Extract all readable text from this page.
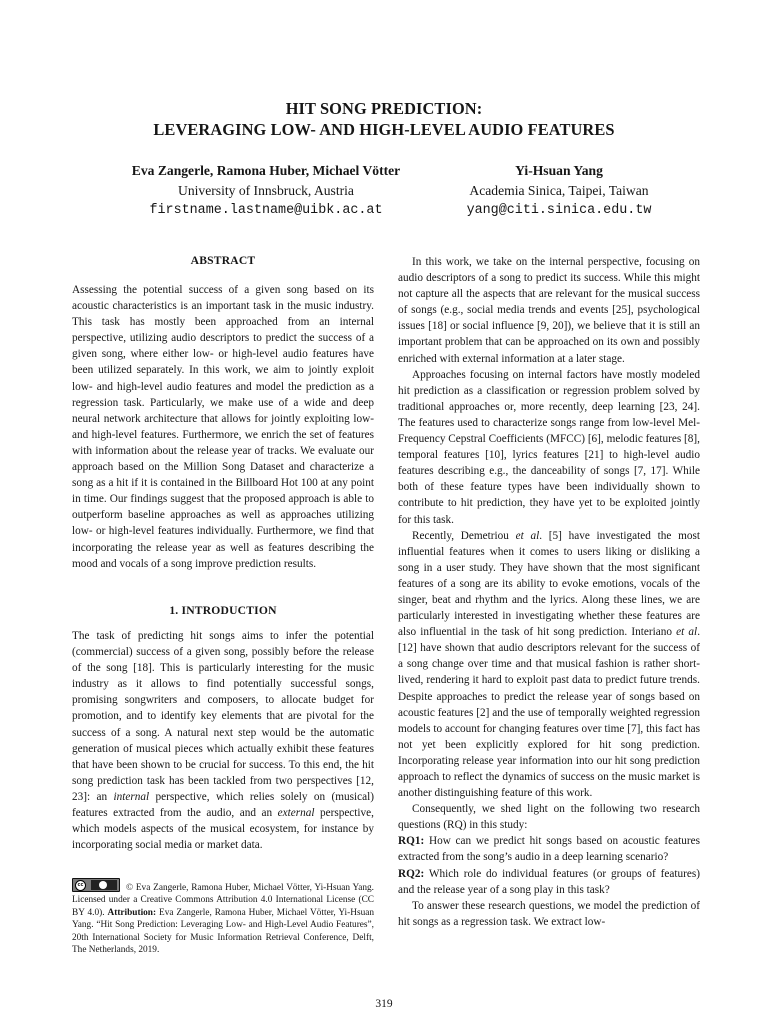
HIT SONG PREDICTION:
LEVERAGING LOW- AND HIGH-LEVEL AUDIO FEATURES
Eva Zangerle, Ramona Huber, Michael Vötter
University of Innsbruck, Austria
firstname.lastname@uibk.ac.at
Yi-Hsuan Yang
Academia Sinica, Taipei, Taiwan
yang@citi.sinica.edu.tw
ABSTRACT

Assessing the potential success of a given song based on its acoustic characteristics is an important task in the music industry. This task has mostly been approached from an internal perspective, utilizing audio descriptors to predict the success of a given song, where either low- or high-level audio features have been utilized separately. In this work, we aim to jointly exploit low- and high-level audio features and model the prediction as a regression task. Particularly, we make use of a wide and deep neural network architecture that allows for jointly exploiting low- and high-level features. Furthermore, we enrich the set of features with information about the release year of tracks. We evaluate our approach based on the Million Song Dataset and characterize a song as a hit if it is contained in the Billboard Hot 100 at any point in time. Our findings suggest that the proposed approach is able to outperform baseline approaches as well as approaches utilizing low- or high-level features individually. Furthermore, we find that incorporating the release year as well as features describing the mood and vocals of a song improve prediction results.

1. INTRODUCTION

The task of predicting hit songs aims to infer the potential (commercial) success of a given song, possibly before the release of the song [18]. This is particularly interesting for the music industry as it allows to find potentially successful songs, promising songwriters and composers, to allocate budget for promotion, and to identify key elements that are pivotal for the success of a song. A natural next step would be the automatic generation of musical pieces which actually exhibit these features that have been shown to be crucial for success. To this end, the hit song prediction task has been tackled from two perspectives [12, 23]: an internal perspective, which relies solely on (musical) features extracted from the audio, and an external perspective, which models aspects of the musical ecosystem, for instance by incorporating social media or market data.

cc	© Eva Zangerle, Ramona Huber, Michael Vötter, Yi-Hsuan Yang. Licensed under a Creative Commons Attribution 4.0 International License (CC BY 4.0). Attribution: Eva Zangerle, Ramona Huber, Michael Vötter, Yi-Hsuan Yang. “Hit Song Prediction: Leveraging Low- and High-Level Audio Features”, 20th International Society for Music Information Retrieval Conference, Delft, The Netherlands, 2019.

In this work, we take on the internal perspective, focusing on audio descriptors of a song to predict its success. While this might not capture all the aspects that are relevant for the musical success of songs (e.g., social media trends and events [25], psychological issues [18] or social influence [9, 20]), we believe that it is still an important problem that can be approached on its own and possibly enriched with external information at a later stage.

Approaches focusing on internal factors have mostly modeled hit prediction as a classification or regression problem solved by traditional approaches or, more recently, deep learning [23, 24]. The features used to characterize songs range from low-level Mel-Frequency Cepstral Coefficients (MFCC) [6], melodic features [8], temporal features [10], lyrics features [21] to high-level audio features describing e.g., the danceability of songs [7, 17]. While both of these feature types have been individually shown to contribute to hit prediction, they have yet to be exploited jointly for this task.

Recently, Demetriou et al. [5] have investigated the most influential features when it comes to users liking or disliking a song in a user study. They have shown that the most significant features of a song are its ability to evoke emotions, vocals of the singer, beat and rhythm and the lyrics. Along these lines, we are particularly interested in investigating whether these features are also influential in the task of hit song prediction. Interiano et al. [12] have shown that audio descriptors relevant for the success of a song change over time and that musical fashion is rather short-lived, rendering it hard to exploit past data to predict future trends. Despite approaches to predict the release year of songs based on acoustic features [2] and the use of temporally weighted regression models to account for changing features over time [7], this fact has not yet been explicitly explored for hit song prediction. Incorporating release year information into our hit song prediction approach to reflect the dynamics of success on the music market is another distinguishing feature of this work.

Consequently, we shed light on the following two research questions (RQ) in this study:

RQ1: How can we predict hit songs based on acoustic features extracted from the song’s audio in a deep learning scenario?

RQ2: Which role do individual features (or groups of features) and the release year of a song play in this task?

To answer these research questions, we model the prediction of hit songs as a regression task. We extract low-

319
